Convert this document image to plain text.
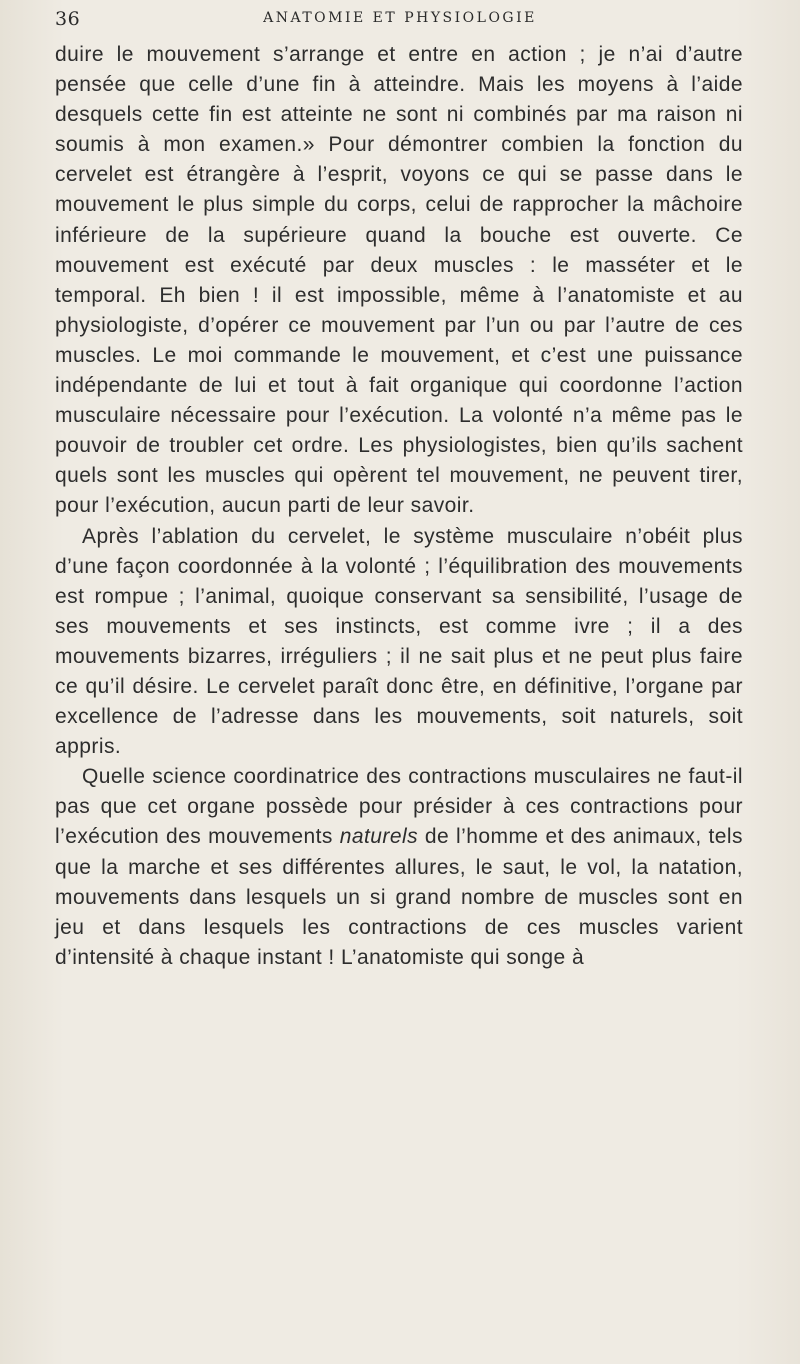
36	ANATOMIE ET PHYSIOLOGIE

duire le mouvement s’arrange et entre en action ; je n’ai d’autre pensée que celle d’une fin à atteindre. Mais les moyens à l’aide desquels cette fin est atteinte ne sont ni combinés par ma raison ni soumis à mon examen.» Pour démontrer combien la fonction du cervelet est étrangère à l’esprit, voyons ce qui se passe dans le mouvement le plus simple du corps, celui de rapprocher la mâchoire inférieure de la supérieure quand la bouche est ouverte. Ce mouvement est exécuté par deux muscles : le masséter et le temporal. Eh bien ! il est impossible, même à l’anatomiste et au physiologiste, d’opérer ce mouvement par l’un ou par l’autre de ces muscles. Le moi commande le mouvement, et c’est une puissance indépendante de lui et tout à fait organique qui coordonne l’action musculaire nécessaire pour l’exécution. La volonté n’a même pas le pouvoir de troubler cet ordre. Les physiologistes, bien qu’ils sachent quels sont les muscles qui opèrent tel mouvement, ne peuvent tirer, pour l’exécution, aucun parti de leur savoir.

Après l’ablation du cervelet, le système musculaire n’obéit plus d’une façon coordonnée à la volonté ; l’équilibration des mouvements est rompue ; l’animal, quoique conservant sa sensibilité, l’usage de ses mouvements et ses instincts, est comme ivre ; il a des mouvements bizarres, irréguliers ; il ne sait plus et ne peut plus faire ce qu’il désire. Le cervelet paraît donc être, en définitive, l’organe par excellence de l’adresse dans les mouvements, soit naturels, soit appris.

Quelle science coordinatrice des contractions musculaires ne faut-il pas que cet organe possède pour présider à ces contractions pour l’exécution des mouvements naturels de l’homme et des animaux, tels que la marche et ses différentes allures, le saut, le vol, la natation, mouvements dans lesquels un si grand nombre de muscles sont en jeu et dans lesquels les contractions de ces muscles varient d’intensité à chaque instant ! L’anatomiste qui songe à
